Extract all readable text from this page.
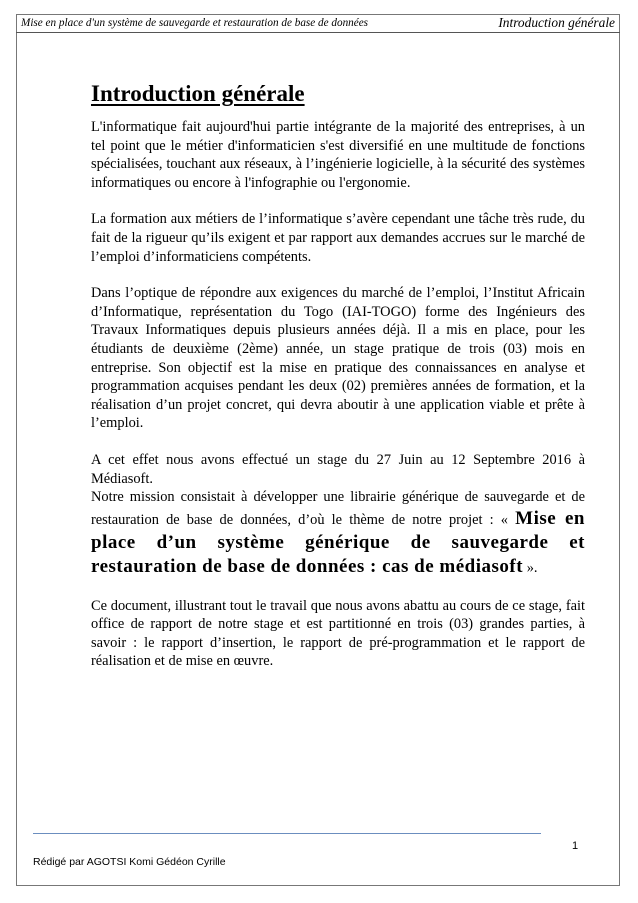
Mise en place d'un système de sauvegarde et restauration de base de données	Introduction générale
Introduction générale

L'informatique fait aujourd'hui partie intégrante de la majorité des entreprises, à un tel point que le métier d'informaticien s'est diversifié en une multitude de fonctions spécialisées, touchant aux réseaux, à l’ingénierie logicielle, à la sécurité des systèmes informatiques ou encore à l'infographie ou l'ergonomie.

La formation aux métiers de l’informatique s’avère cependant une tâche très rude, du fait de la rigueur qu’ils exigent et par rapport aux demandes accrues sur le marché de l’emploi d’informaticiens compétents.

Dans l’optique de répondre aux exigences du marché de l’emploi, l’Institut Africain d’Informatique, représentation du Togo (IAI-TOGO) forme des Ingénieurs des Travaux Informatiques depuis plusieurs années déjà. Il a mis en place, pour les étudiants de deuxième (2ème) année, un stage pratique de trois (03) mois en entreprise. Son objectif est la mise en pratique des connaissances en analyse et programmation acquises pendant les deux (02) premières années de formation, et la réalisation d’un projet concret, qui devra aboutir à une application viable et prête à l’emploi.

A cet effet nous avons effectué un stage du 27 Juin au 12 Septembre 2016 à Médiasoft.

Notre mission consistait à développer une librairie générique de sauvegarde et de restauration de base de données, d’où le thème de notre projet : « Mise en place d’un système générique de sauvegarde et restauration de base de données : cas de médiasoft ».

Ce document, illustrant tout le travail que nous avons abattu au cours de ce stage, fait office de rapport de notre stage et est partitionné en trois (03) grandes parties, à savoir : le rapport d’insertion, le rapport de pré-programmation et le rapport de réalisation et de mise en œuvre.

1
Rédigé par AGOTSI Komi Gédéon Cyrille
